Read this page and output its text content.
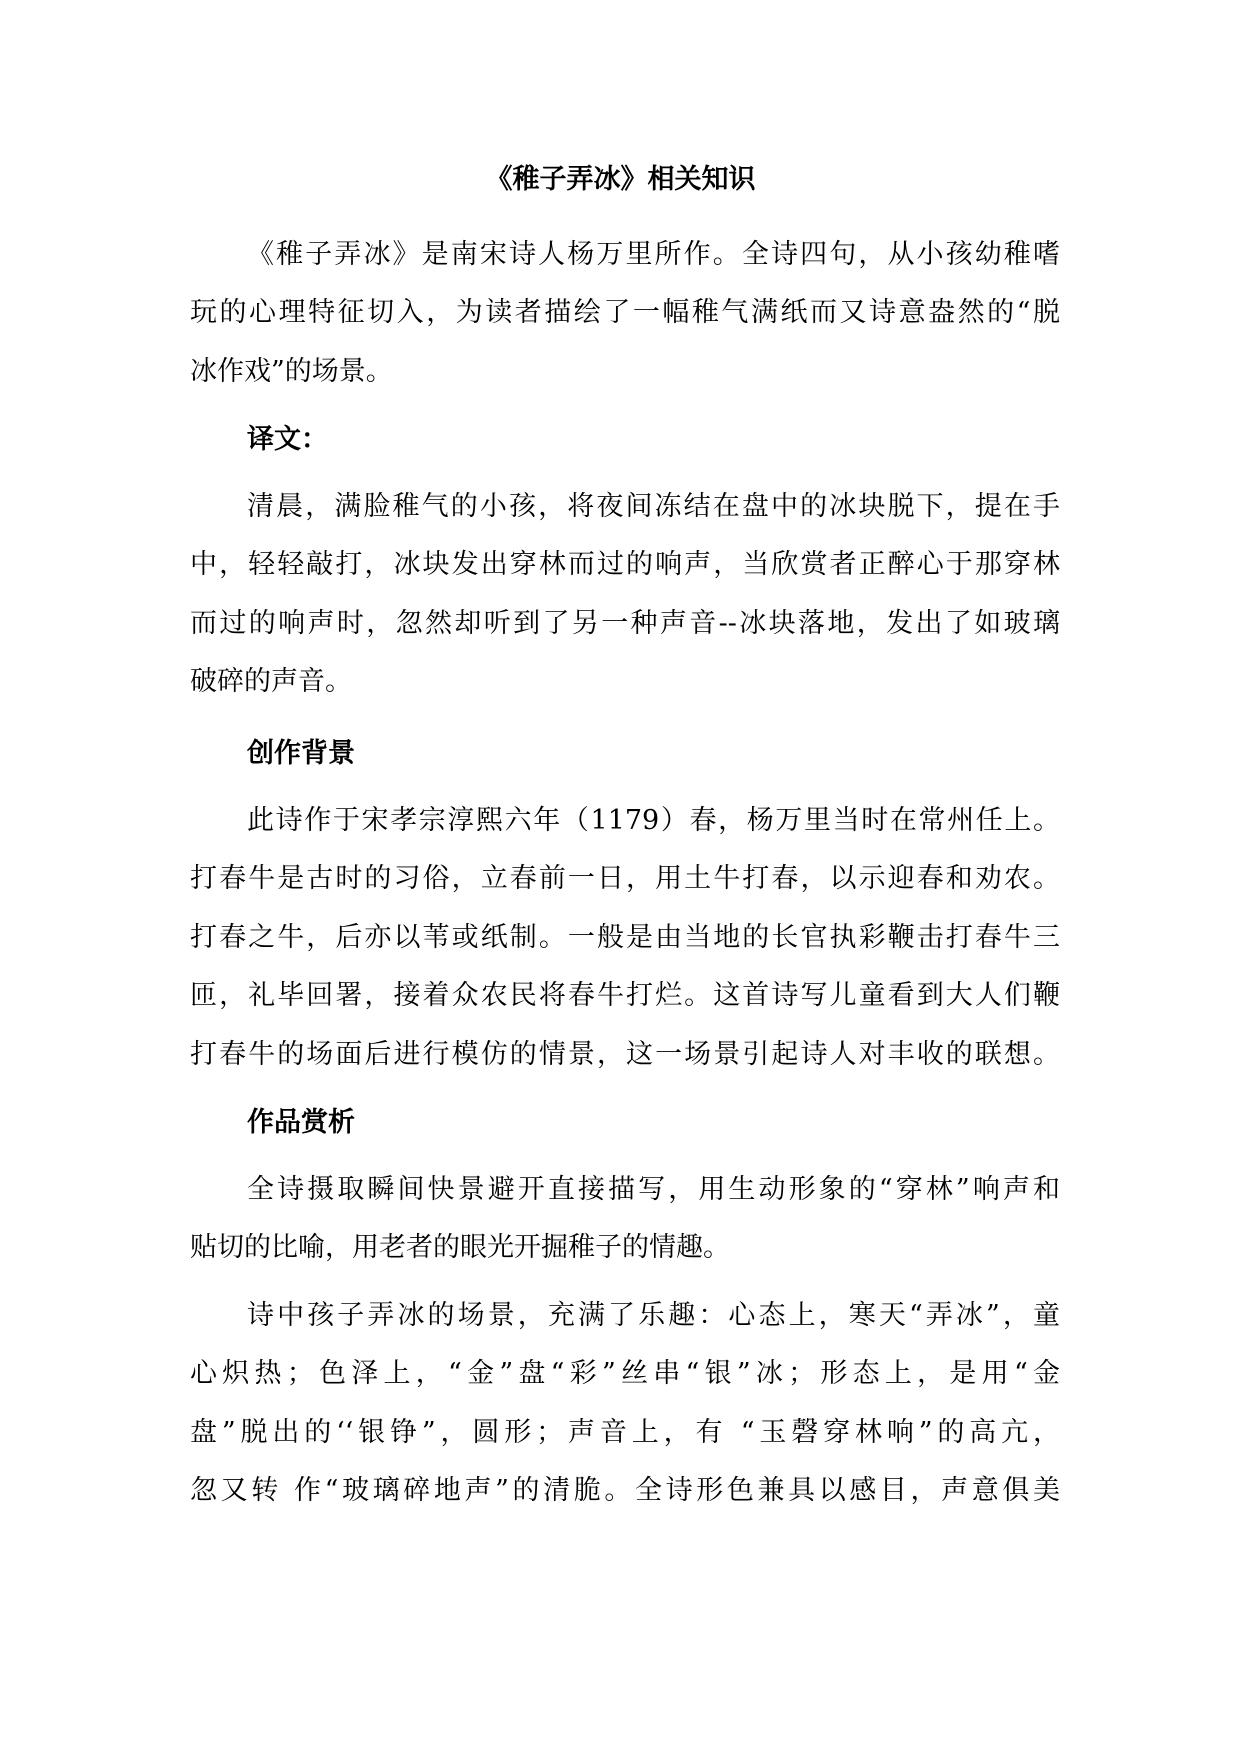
《稚子弄冰》相关知识

《稚子弄冰》是南宋诗人杨万里所作。全诗四句，从小孩幼稚嗜

玩的心理特征切入，为读者描绘了一幅稚气满纸而又诗意盎然的“脱

冰作戏”的场景。

译文：

清晨，满脸稚气的小孩，将夜间冻结在盘中的冰块脱下，提在手

中，轻轻敲打，冰块发出穿林而过的响声，当欣赏者正醉心于那穿林

而过的响声时，忽然却听到了另一种声音--冰块落地，发出了如玻璃

破碎的声音。

创作背景

此诗作于宋孝宗淳熙六年（1179）春，杨万里当时在常州任上。

打春牛是古时的习俗，立春前一日，用土牛打春，以示迎春和劝农。

打春之牛，后亦以苇或纸制。一般是由当地的长官执彩鞭击打春牛三

匝，礼毕回署，接着众农民将春牛打烂。这首诗写儿童看到大人们鞭

打春牛的场面后进行模仿的情景，这一场景引起诗人对丰收的联想。

作品赏析

全诗摄取瞬间快景避开直接描写，用生动形象的“穿林”响声和

贴切的比喻，用老者的眼光开掘稚子的情趣。

诗中孩子弄冰的场景，充满了乐趣：心态上，寒天“弄冰”，童

心炽热；色泽上，“金”盘“彩”丝串“银”冰；形态上，是用“金

盘”脱出的‘‘银铮”，圆形；声音上，有 “玉磬穿林响”的高亢，

忽又转 作“玻璃碎地声”的清脆。全诗形色兼具以感目，声意俱美
